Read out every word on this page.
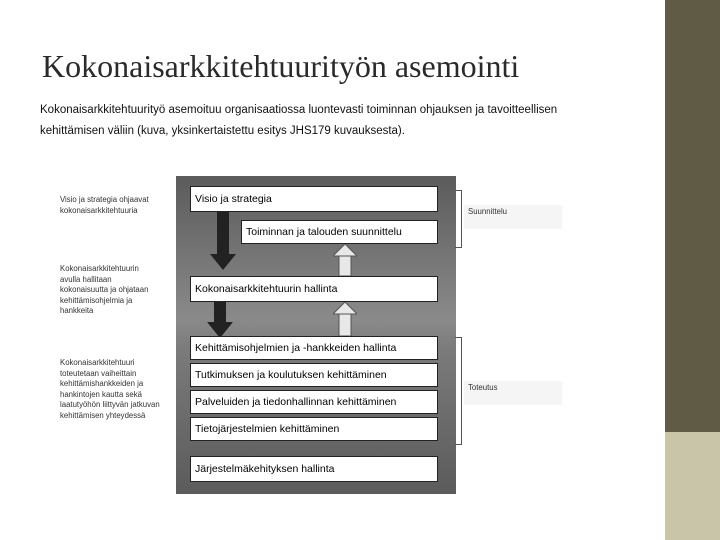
Kokonaisarkkitehtuurityön asemointi
Kokonaisarkkitehtuurityö asemoituu organisaatiossa luontevasti toiminnan ohjauksen ja tavoitteellisen kehittämisen väliin (kuva, yksinkertaistettu esitys JHS179 kuvauksesta).
Visio ja strategia ohjaavat kokonaisarkkitehtuuria
Kokonaisarkkitehtuurin avulla hallitaan kokonaisuutta ja ohjataan kehittämisohjelmia ja hankkeita
Kokonaisarkkitehtuuri toteutetaan vaiheittain kehittämishankkeiden ja hankintojen kautta sekä laatutyöhön liittyvän jatkuvan kehittämisen yhteydessä
Visio ja strategia
Toiminnan ja talouden suunnittelu
Kokonaisarkkitehtuurin hallinta
Kehittämisohjelmien ja -hankkeiden hallinta
Tutkimuksen ja koulutuksen kehittäminen
Palveluiden ja tiedonhallinnan kehittäminen
Tietojärjestelmien kehittäminen
Järjestelmäkehityksen hallinta
Suunnittelu
Toteutus
